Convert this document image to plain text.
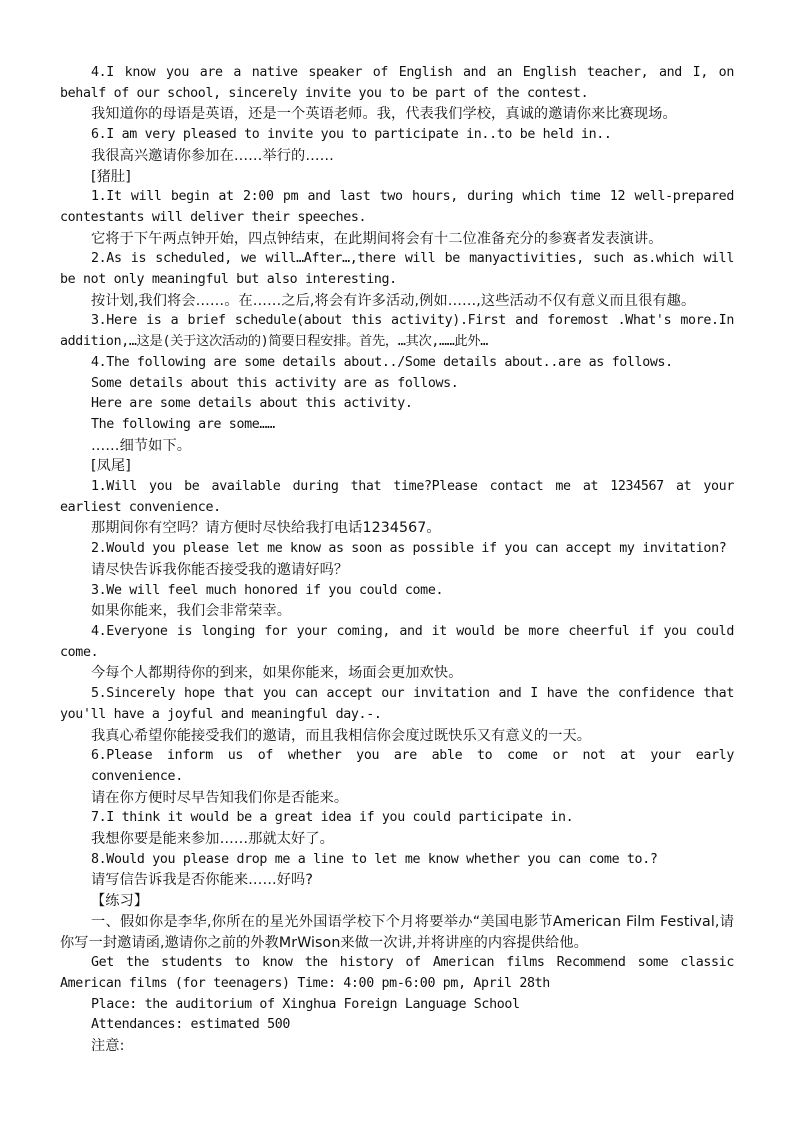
4.I know you are a native speaker of English and an English teacher, and I, on behalf of our school, sincerely invite you to be part of the contest.
我知道你的母语是英语，还是一个英语老师。我，代表我们学校，真诚的邀请你来比赛现场。
6.I am very pleased to invite you to participate in..to be held in..
我很高兴邀请你参加在……举行的……
[猪肚]
1.It will begin at 2:00 pm and last two hours, during which time 12 well-prepared contestants will deliver their speeches.
它将于下午两点钟开始，四点钟结束，在此期间将会有十二位准备充分的参赛者发表演讲。
2.As is scheduled, we will…After…,there will be manyactivities, such as.which will be not only meaningful but also interesting.
按计划,我们将会……。在……之后,将会有许多活动,例如……,这些活动不仅有意义而且很有趣。
3.Here is a brief schedule(about this activity).First and foremost .What's more.In addition,…这是(关于这次活动的)简要日程安排。首先，…其次,……此外…
4.The following are some details about../Some details about..are as follows.
Some details about this activity are as follows.
Here are some details about this activity.
The following are some……
……细节如下。
[凤尾]
1.Will you be available during that time?Please contact me at 1234567 at your earliest convenience.
那期间你有空吗？请方便时尽快给我打电话1234567。
2.Would you please let me know as soon as possible if you can accept my invitation?
请尽快告诉我你能否接受我的邀请好吗？
3.We will feel much honored if you could come.
如果你能来，我们会非常荣幸。
4.Everyone is longing for your coming, and it would be more cheerful if you could come.
今每个人都期待你的到来，如果你能来，场面会更加欢快。
5.Sincerely hope that you can accept our invitation and I have the confidence that you'll have a joyful and meaningful day.-.
我真心希望你能接受我们的邀请，而且我相信你会度过既快乐又有意义的一天。
6.Please inform us of whether you are able to come or not at your early convenience.
请在你方便时尽早告知我们你是否能来。
7.I think it would be a great idea if you could participate in.
我想你要是能来参加……那就太好了。
8.Would you please drop me a line to let me know whether you can come to.?
请写信告诉我是否你能来……好吗?
【练习】
一、假如你是李华,你所在的星光外国语学校下个月将要举办“美国电影节American Film Festival,请你写一封邀请函,邀请你之前的外教MrWison来做一次讲,并将讲座的内容提供给他。
Get the students to know the history of American films Recommend some classic American films (for teenagers) Time: 4:00 pm-6:00 pm, April 28th
Place: the auditorium of Xinghua Foreign Language School
Attendances: estimated 500
注意:
